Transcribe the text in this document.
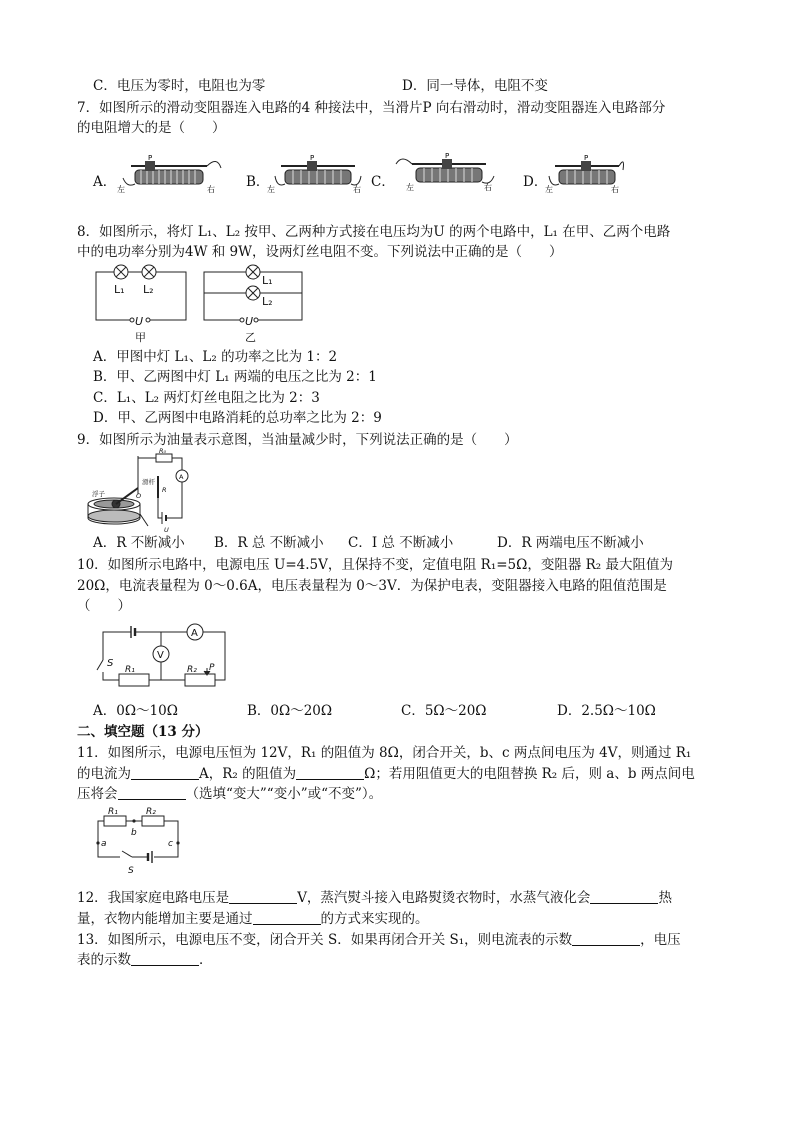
C．电压为零时，电阻也为零	D．同一导体，电阻不变
7．如图所示的滑动变阻器连入电路的4 种接法中，当滑片P 向右滑动时，滑动变阻器连入电路部分
的电阻增大的是（　　）
A．	B．	C．	D．
P
左	右
P
左	右
P
左	右
P
左	右
8．如图所示，将灯 L₁、L₂ 按甲、乙两种方式接在电压均为U 的两个电路中，L₁ 在甲、乙两个电路
中的电功率分别为4W 和 9W，设两灯丝电阻不变。下列说法中正确的是（　　）
L₁ L₂
U
甲
L₁
L₂
U
乙
A．甲图中灯 L₁、L₂ 的功率之比为 1：2
B．甲、乙两图中灯 L₁ 两端的电压之比为 2：1
C．L₁、L₂ 两灯灯丝电阻之比为 2：3
D．甲、乙两图中电路消耗的总功率之比为 2：9
9．如图所示为油量表示意图，当油量减少时，下列说法正确的是（　　）
浮子
滑杆
R₀
R
O
A
U
A．R 不断减小 B．R 总 不断减小 C．I 总 不断减小	D．R 两端电压不断减小
10．如图所示电路中，电源电压 U=4.5V，且保持不变，定值电阻 R₁=5Ω，变阻器 R₂ 最大阻值为
20Ω，电流表量程为 0～0.6A，电压表量程为 0～3V．为保护电表，变阻器接入电路的阻值范围是
（　　）
A
V
S
R₁	R₂ P
A．0Ω～10Ω	B．0Ω～20Ω	C．5Ω～20Ω	D．2.5Ω～10Ω
二、填空题（13 分）
11．如图所示，电源电压恒为 12V，R₁ 的阻值为 8Ω，闭合开关，b、c 两点间电压为 4V，则通过 R₁
的电流为	A，R₂ 的阻值为	Ω；若用阻值更大的电阻替换 R₂ 后，则 a、b 两点间电
压将会	（选填“变大”“变小”或“不变”）。
R₁	R₂
a
b
c
S
12．我国家庭电路电压是	V，蒸汽熨斗接入电路熨烫衣物时，水蒸气液化会	热
量，衣物内能增加主要是通过	的方式来实现的。
13．如图所示，电源电压不变，闭合开关 S．如果再闭合开关 S₁，则电流表的示数	，电压
表的示数	．
